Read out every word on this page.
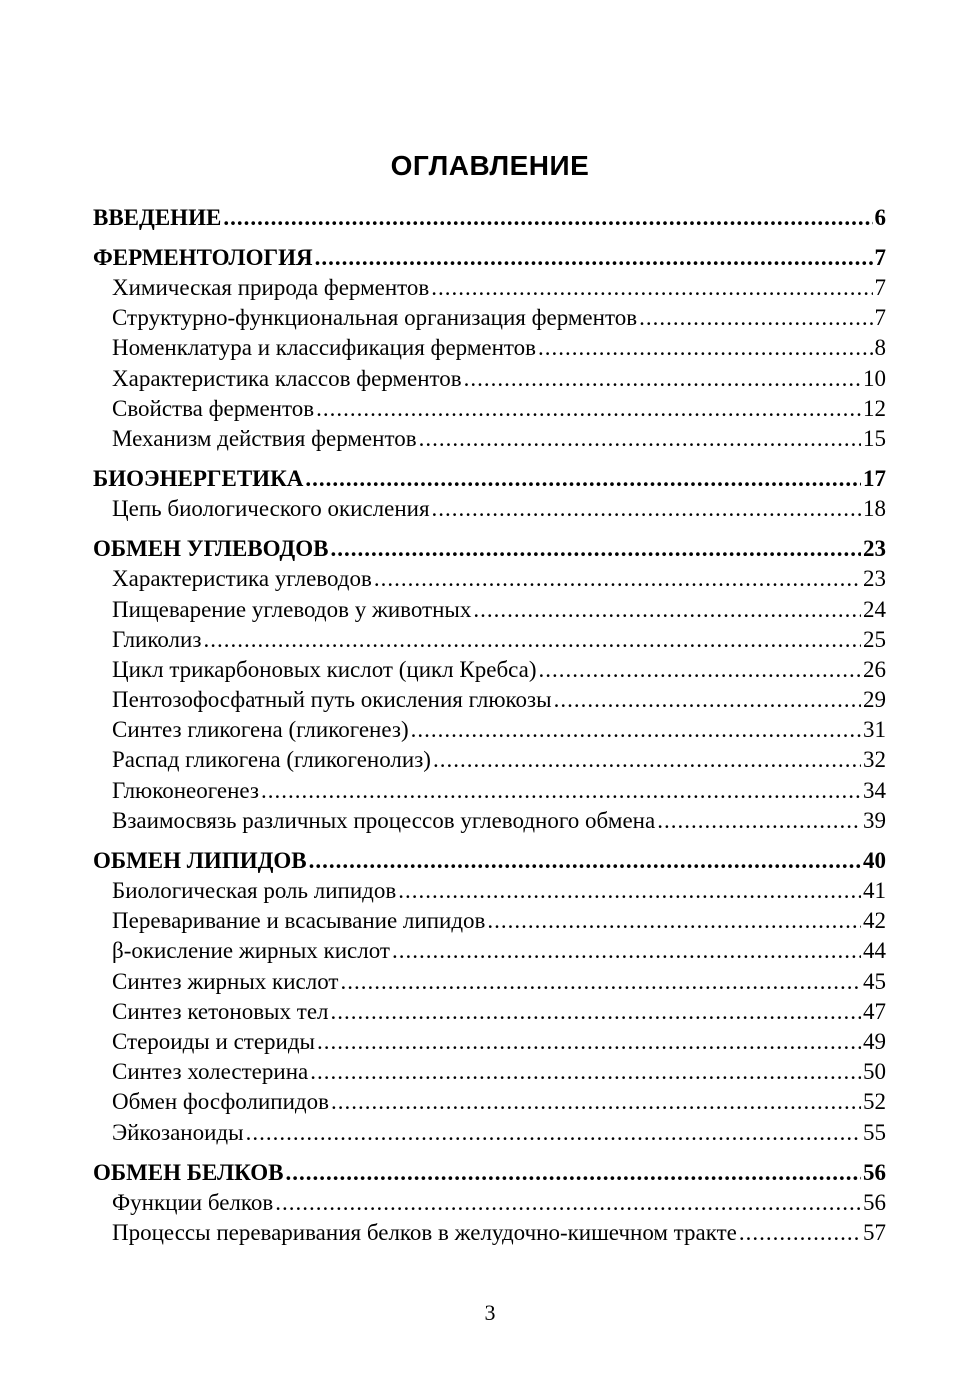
ОГЛАВЛЕНИЕ
ВВЕДЕНИЕ .....	6
ФЕРМЕНТОЛОГИЯ .....	7
Химическая природа ферментов .....	7
Структурно-функциональная организация ферментов .....	7
Номенклатура и классификация ферментов .....	8
Характеристика классов ферментов .....	10
Свойства ферментов .....	12
Механизм действия ферментов .....	15
БИОЭНЕРГЕТИКА .....	17
Цепь биологического окисления .....	18
ОБМЕН УГЛЕВОДОВ .....	23
Характеристика углеводов .....	23
Пищеварение углеводов у животных .....	24
Гликолиз .....	25
Цикл трикарбоновых кислот (цикл Кребса) .....	26
Пентозофосфатный путь окисления глюкозы .....	29
Синтез гликогена (гликогенез) .....	31
Распад гликогена (гликогенолиз) .....	32
Глюконеогенез .....	34
Взаимосвязь различных процессов углеводного обмена .....	39
ОБМЕН ЛИПИДОВ .....	40
Биологическая роль липидов .....	41
Переваривание и всасывание липидов .....	42
β-окисление жирных кислот .....	44
Синтез жирных кислот .....	45
Синтез кетоновых тел .....	47
Стероиды и стериды .....	49
Синтез холестерина .....	50
Обмен фосфолипидов .....	52
Эйкозаноиды .....	55
ОБМЕН БЕЛКОВ .....	56
Функции белков .....	56
Процессы переваривания белков в желудочно-кишечном тракте .....	57
3
